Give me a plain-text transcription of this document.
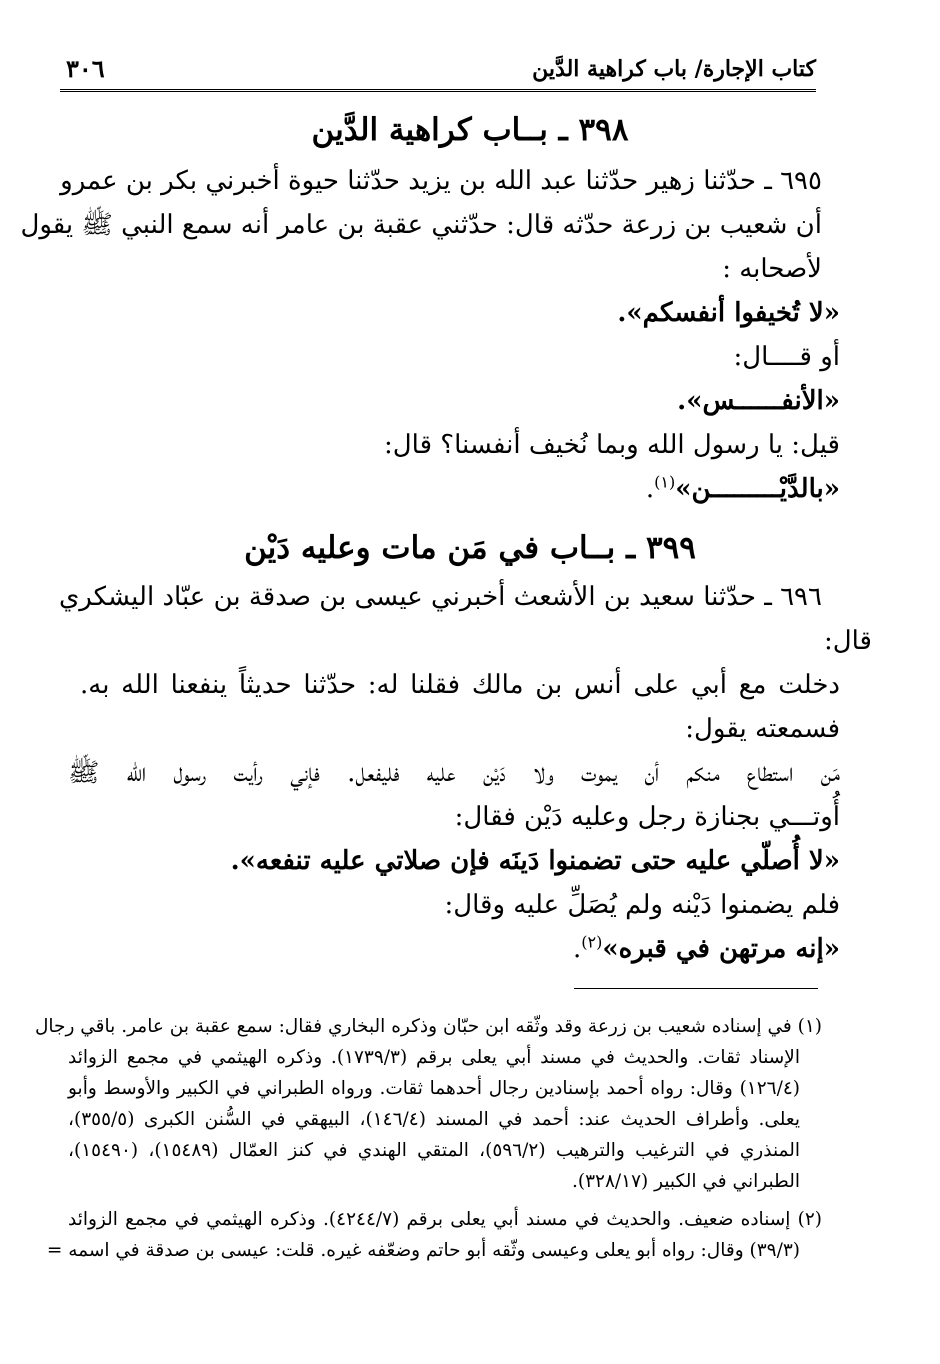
كتاب الإجارة/ باب كراهية الدَّين
٣٠٦
٣٩٨ ـ بــاب كراهية الدَّين
٦٩٥ ـ حدّثنا زهير حدّثنا عبد الله بن يزيد حدّثنا حيوة أخبرني بكر بن عمرو
أن شعيب بن زرعة حدّثه قال: حدّثني عقبة بن عامر أنه سمع النبي ﷺ يقول
لأصحابه :
«لا تُخيفوا أنفسكم».
أو قــــال:
«الأنفــــــس».
قيل: يا رسول الله وبما نُخيف أنفسنا؟ قال:
«بالدَّيْـــــــــن»$^{(١)}$.
٣٩٩ ـ بــاب في مَن مات وعليه دَيْن
٦٩٦ ـ حدّثنا سعيد بن الأشعث أخبرني عيسى بن صدقة بن عبّاد اليشكري
قال:
دخلت مع أبي على أنس بن مالك فقلنا له: حدّثنا حديثاً ينفعنا الله به.
فسمعته يقول:
مَن استطاع منكم أن يموت ولا دَيْن عليه فليفعل. فإني رأيت رسول الله ﷺ
أُوتـــي بجنازة رجل وعليه دَيْن فقال:
«لا أُصلّي عليه حتى تضمنوا دَينَه فإن صلاتي عليه تنفعه».
فلم يضمنوا دَيْنه ولم يُصَلِّ عليه وقال:
«إنه مرتهن في قبره»$^{(٢)}$.
(١) في إسناده شعيب بن زرعة وقد وثّقه ابن حبّان وذكره البخاري فقال: سمع عقبة بن عامر. باقي رجال
الإسناد ثقات. والحديث في مسند أبي يعلى برقم (١٧٣٩/٣). وذكره الهيثمي في مجمع الزوائد
(١٢٦/٤) وقال: رواه أحمد بإسنادين رجال أحدهما ثقات. ورواه الطبراني في الكبير والأوسط وأبو
يعلى. وأطراف الحديث عند: أحمد في المسند (١٤٦/٤)، البيهقي في السُّنن الكبرى (٣٥٥/٥)،
المنذري في الترغيب والترهيب (٥٩٦/٢)، المتقي الهندي في كنز العمّال (١٥٤٨٩)، (١٥٤٩٠)،
الطبراني في الكبير (٣٢٨/١٧).
(٢) إسناده ضعيف. والحديث في مسند أبي يعلى برقم (٤٢٤٤/٧). وذكره الهيثمي في مجمع الزوائد
(٣٩/٣) وقال: رواه أبو يعلى وعيسى وثّقه أبو حاتم وضعّفه غيره. قلت: عيسى بن صدقة في اسمه =
